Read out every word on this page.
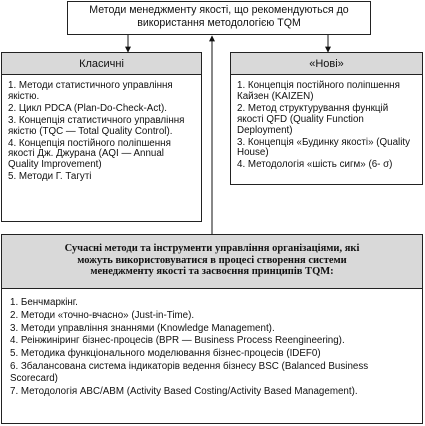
Методи менеджменту якості, що рекомендуються до використання методологією TQM
Класичні
1. Методи статистичного управління якістю.
2. Цикл PDCA (Plan-Do-Check-Act).
3. Концепція статистичного управління якістю (TQC — Total Quality Control).
4. Концепція постійного поліпшення якості Дж. Джурана (AQI — Annual Quality Improvement)
5. Методи Г. Тагуті
«Нові»
1. Концепція постійного поліпшення Кайзен (KAIZEN)
2. Метод структурування функцій якості QFD (Quality Function Deployment)
3. Концепція «Будинку якості» (Quality House)
4. Методологія «шість сигм» (6- σ)
Сучасні методи та інструменти управління організаціями, які можуть використовуватися в процесі створення системи менеджменту якості та засвоєння принципів TQM:
1. Бенчмаркінг.
2. Методи «точно-вчасно» (Just-in-Time).
3. Методи управління знаннями (Knowledge Management).
4. Реінжиніринг бізнес-процесів (BPR — Business Process Reengineering).
5. Методика функціонального моделювання бізнес-процесів (IDEF0)
6. Збалансована система індикаторів ведення бізнесу BSC (Balanced Business Scorecard)
7. Методологія ABC/ABM (Activity Based Costing/Activity Based Management).
